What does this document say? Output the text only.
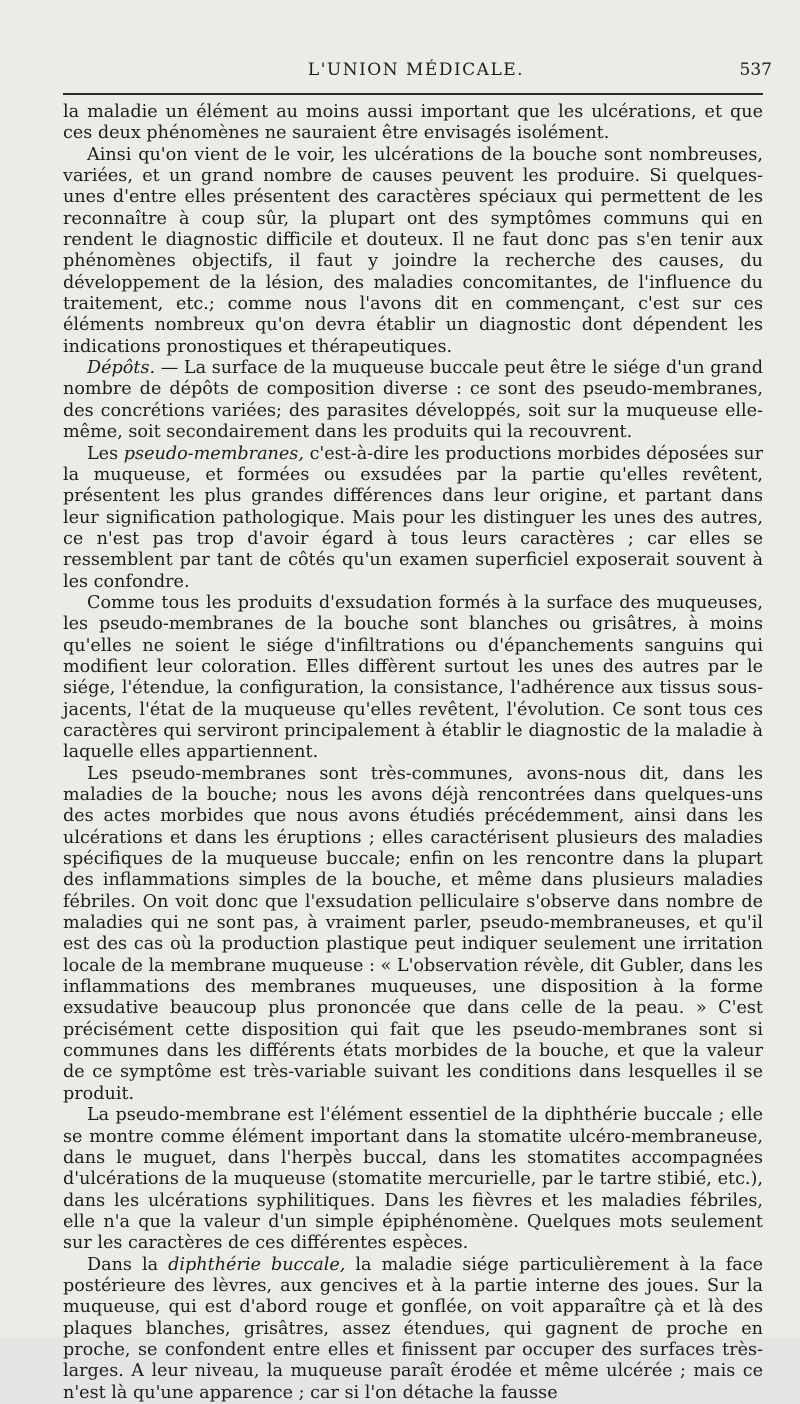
L'UNION MÉDICALE.	537

la maladie un élément au moins aussi important que les ulcérations, et que ces deux phénomènes ne sauraient être envisagés isolément.

Ainsi qu'on vient de le voir, les ulcérations de la bouche sont nombreuses, variées, et un grand nombre de causes peuvent les produire. Si quelques-unes d'entre elles présentent des caractères spéciaux qui permettent de les reconnaître à coup sûr, la plupart ont des symptômes communs qui en rendent le diagnostic difficile et douteux. Il ne faut donc pas s'en tenir aux phénomènes objectifs, il faut y joindre la recherche des causes, du développement de la lésion, des maladies concomitantes, de l'influence du traitement, etc.; comme nous l'avons dit en commençant, c'est sur ces éléments nombreux qu'on devra établir un diagnostic dont dépendent les indications pronostiques et thérapeutiques.

Dépôts. — La surface de la muqueuse buccale peut être le siége d'un grand nombre de dépôts de composition diverse : ce sont des pseudo-membranes, des concrétions variées; des parasites développés, soit sur la muqueuse elle-même, soit secondairement dans les produits qui la recouvrent.

Les pseudo-membranes, c'est-à-dire les productions morbides déposées sur la muqueuse, et formées ou exsudées par la partie qu'elles revêtent, présentent les plus grandes différences dans leur origine, et partant dans leur signification pathologique. Mais pour les distinguer les unes des autres, ce n'est pas trop d'avoir égard à tous leurs caractères ; car elles se ressemblent par tant de côtés qu'un examen superficiel exposerait souvent à les confondre.

Comme tous les produits d'exsudation formés à la surface des muqueuses, les pseudo-membranes de la bouche sont blanches ou grisâtres, à moins qu'elles ne soient le siége d'infiltrations ou d'épanchements sanguins qui modifient leur coloration. Elles diffèrent surtout les unes des autres par le siége, l'étendue, la configuration, la consistance, l'adhérence aux tissus sous-jacents, l'état de la muqueuse qu'elles revêtent, l'évolution. Ce sont tous ces caractères qui serviront principalement à établir le diagnostic de la maladie à laquelle elles appartiennent.

Les pseudo-membranes sont très-communes, avons-nous dit, dans les maladies de la bouche; nous les avons déjà rencontrées dans quelques-uns des actes morbides que nous avons étudiés précédemment, ainsi dans les ulcérations et dans les éruptions ; elles caractérisent plusieurs des maladies spécifiques de la muqueuse buccale; enfin on les rencontre dans la plupart des inflammations simples de la bouche, et même dans plusieurs maladies fébriles. On voit donc que l'exsudation pelliculaire s'observe dans nombre de maladies qui ne sont pas, à vraiment parler, pseudo-membraneuses, et qu'il est des cas où la production plastique peut indiquer seulement une irritation locale de la membrane muqueuse : « L'observation révèle, dit Gubler, dans les inflammations des membranes muqueuses, une disposition à la forme exsudative beaucoup plus prononcée que dans celle de la peau. » C'est précisément cette disposition qui fait que les pseudo-membranes sont si communes dans les différents états morbides de la bouche, et que la valeur de ce symptôme est très-variable suivant les conditions dans lesquelles il se produit.

La pseudo-membrane est l'élément essentiel de la diphthérie buccale ; elle se montre comme élément important dans la stomatite ulcéro-membraneuse, dans le muguet, dans l'herpès buccal, dans les stomatites accompagnées d'ulcérations de la muqueuse (stomatite mercurielle, par le tartre stibié, etc.), dans les ulcérations syphilitiques. Dans les fièvres et les maladies fébriles, elle n'a que la valeur d'un simple épiphénomène. Quelques mots seulement sur les caractères de ces différentes espèces.

Dans la diphthérie buccale, la maladie siége particulièrement à la face postérieure des lèvres, aux gencives et à la partie interne des joues. Sur la muqueuse, qui est d'abord rouge et gonflée, on voit apparaître çà et là des plaques blanches, grisâtres, assez étendues, qui gagnent de proche en proche, se confondent entre elles et finissent par occuper des surfaces très-larges. A leur niveau, la muqueuse paraît érodée et même ulcérée ; mais ce n'est là qu'une apparence ; car si l'on détache la fausse
